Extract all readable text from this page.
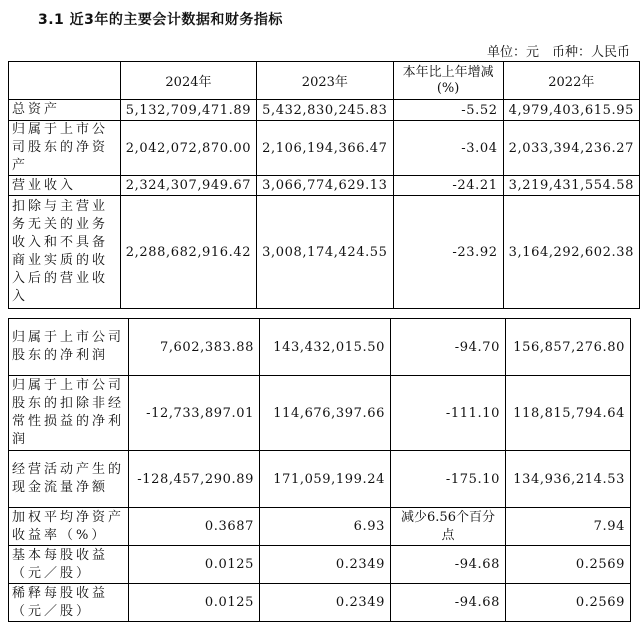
3.1 近3年的主要会计数据和财务指标
单位：元　币种：人民币
	2024年	2023年	本年比上年增减(%)	2022年
总资产	5,132,709,471.89	5,432,830,245.83	-5.52	4,979,403,615.95
归属于上市公司股东的净资产	2,042,072,870.00	2,106,194,366.47	-3.04	2,033,394,236.27
营业收入	2,324,307,949.67	3,066,774,629.13	-24.21	3,219,431,554.58
扣除与主营业务无关的业务收入和不具备商业实质的收入后的营业收入	2,288,682,916.42	3,008,174,424.55	-23.92	3,164,292,602.38
归属于上市公司股东的净利润	7,602,383.88	143,432,015.50	-94.70	156,857,276.80
归属于上市公司股东的扣除非经常性损益的净利润	-12,733,897.01	114,676,397.66	-111.10	118,815,794.64
经营活动产生的现金流量净额	-128,457,290.89	171,059,199.24	-175.10	134,936,214.53
加权平均净资产收益率（%）	0.3687	6.93	减少6.56个百分点	7.94
基本每股收益（元／股）	0.0125	0.2349	-94.68	0.2569
稀释每股收益（元／股）	0.0125	0.2349	-94.68	0.2569
